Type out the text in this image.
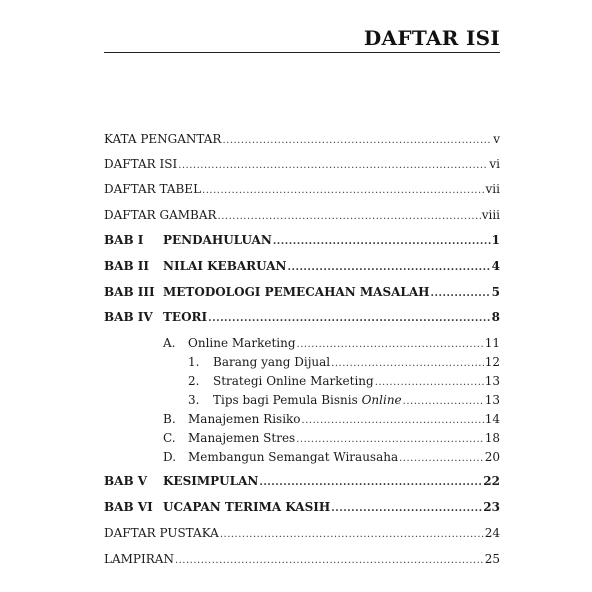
DAFTAR ISI
KATA PENGANTAR .....	v
DAFTAR ISI .....	vi
DAFTAR TABEL .....	vii
DAFTAR GAMBAR .....	viii
BAB I	PENDAHULUAN .....	1
BAB II	NILAI KEBARUAN .....	4
BAB III METODOLOGI PEMECAHAN MASALAH .....	5
BAB IV TEORI .....	8
A.	Online Marketing .....	11
1.	Barang yang Dijual .....	12
2.	Strategi Online Marketing .....	13
3.	Tips bagi Pemula Bisnis Online .....	13
B.	Manajemen Risiko .....	14
C.	Manajemen Stres .....	18
D. Membangun Semangat Wirausaha .....	20
BAB V	KESIMPULAN .....	22
BAB VI UCAPAN TERIMA KASIH .....	23
DAFTAR PUSTAKA .....	24
LAMPIRAN .....	25
